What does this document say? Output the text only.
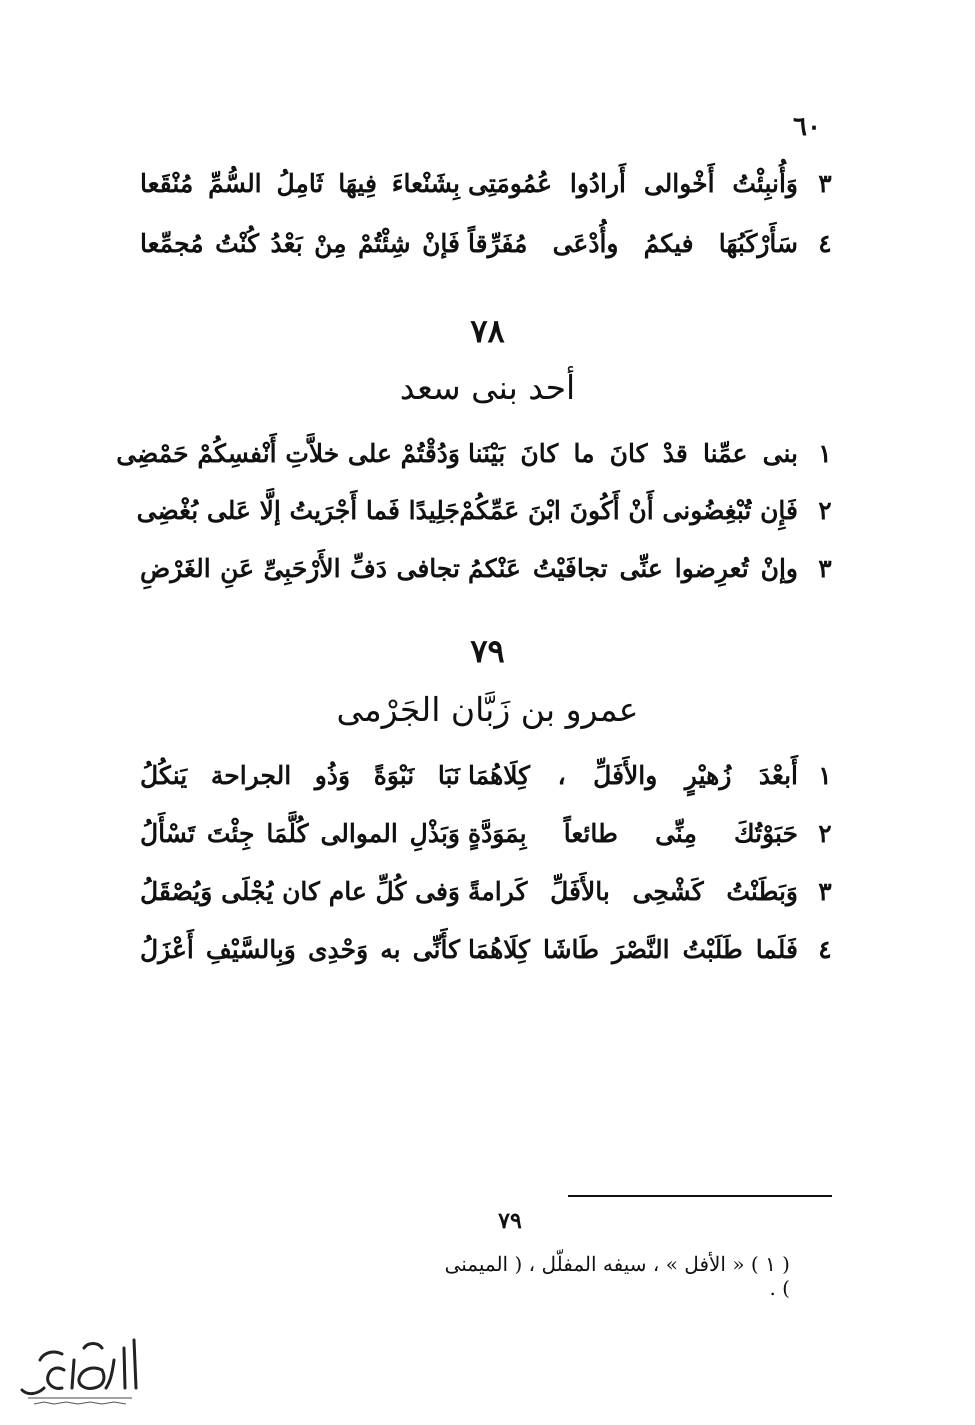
٦٠
٣
وَأُنبِئْتُ أَخْوالى أَرادُوا عُمُومَتِى
بِشَنْعاءَ فِيهَا ثَامِلُ السُّمِّ مُنْقَعا
٤
سَأَرْكَبُهَا فيكمُ وأُدْعَى مُفَرِّقاً
فَإنْ شِئْتُمْ مِنْ بَعْدُ كُنْتُ مُجمِّعا
٧٨
أحد بنى سعد
١
بنى عمِّنا قدْ كانَ ما كانَ بَيْنَنا
وَدُقْتُمْ على خلاَّتِ أَنْفسِكُمْ حَمْضِى
٢
فَإِن تُبْغِضُونى أَنْ أَكُونَ ابْنَ عَمِّكُمْ
جَلِيدًا فَما أَجْرَيتُ إلَّا عَلى بُغْضِى
٣
وإنْ تُعرِضوا عنِّى تجافَيْتُ عَنْكمُ
تجافى دَفِّ الأَرْحَبِىِّ عَنِ الغَرْضِ
٧٩
عمرو بن زَبَّان الجَرْمى
١
أَبعْدَ زُهيْرٍ والأَفَلِّ ، كِلَاهُمَا
نَبَا نَبْوَةً وَذُو الجراحة يَنكُلُ
٢
حَبَوْتُكَ مِنِّى طائعاً بِمَوَدَّةٍ
وَبَذْلِ الموالى كُلَّمَا جِئْتَ تَسْأَلُ
٣
وَبَطَنْتُ كَشْحِى بالأَفَلِّ كَرامةً
وَفى كُلِّ عام كان يُجْلَى وَيُصْقَلُ
٤
فَلَما طَلَبْتُ النَّصْرَ طَاشَا كِلَاهُمَا
كأَنِّى به وَحْدِى وَبِالسَّيْفِ أَعْزَلُ
٧٩
( ١ ) « الأفل » ، سيفه المفلّل ، ( الميمنى ) .
